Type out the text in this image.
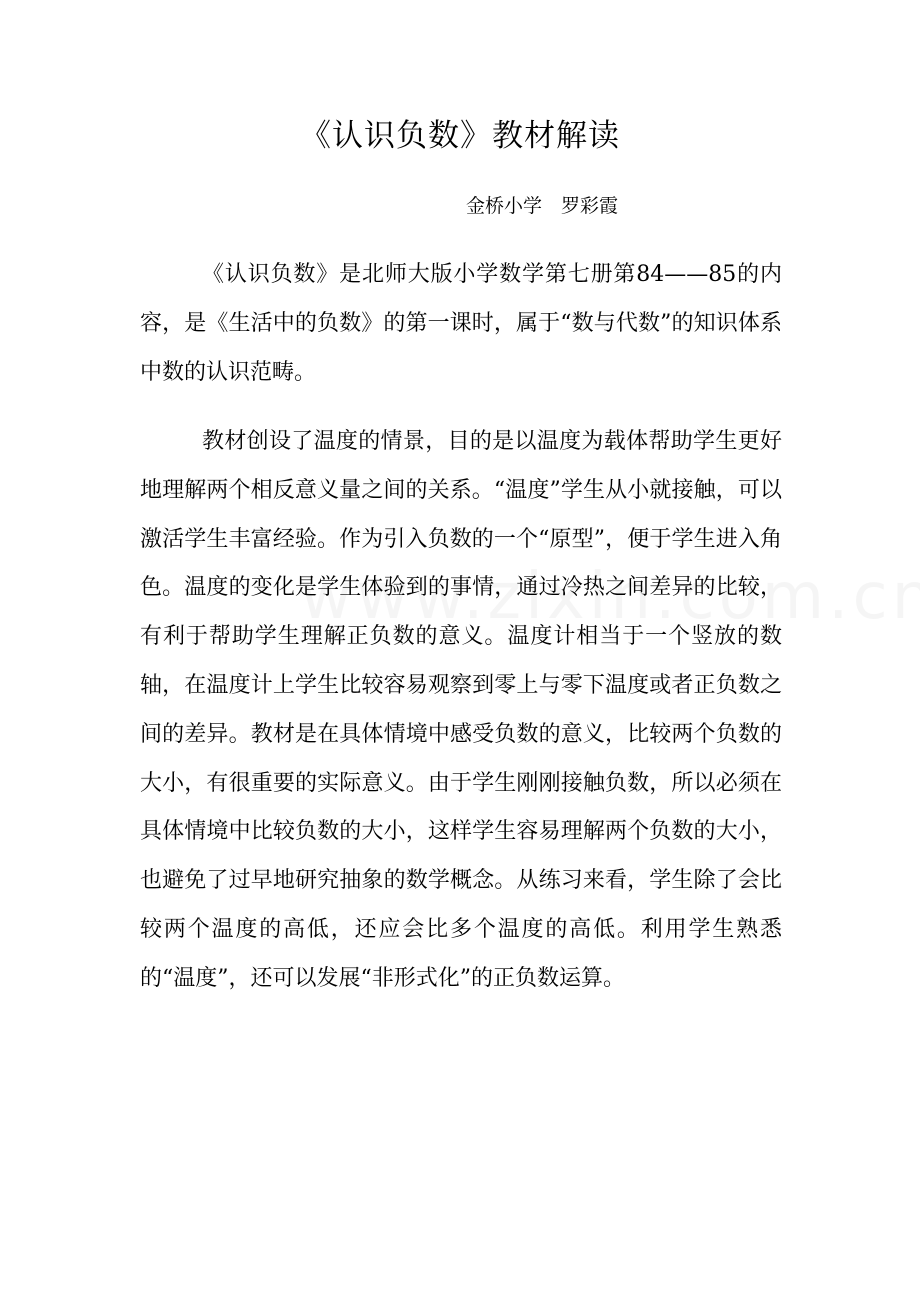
《认识负数》教材解读
金桥小学　罗彩霞

《认识负数》是北师大版小学数学第七册第84——85的内容，是《生活中的负数》的第一课时，属于“数与代数”的知识体系中数的认识范畴。

教材创设了温度的情景，目的是以温度为载体帮助学生更好地理解两个相反意义量之间的关系。“温度”学生从小就接触，可以激活学生丰富经验。作为引入负数的一个“原型”，便于学生进入角色。温度的变化是学生体验到的事情，通过冷热之间差异的比较，有利于帮助学生理解正负数的意义。温度计相当于一个竖放的数轴，在温度计上学生比较容易观察到零上与零下温度或者正负数之间的差异。教材是在具体情境中感受负数的意义，比较两个负数的大小，有很重要的实际意义。由于学生刚刚接触负数，所以必须在具体情境中比较负数的大小，这样学生容易理解两个负数的大小，也避免了过早地研究抽象的数学概念。从练习来看，学生除了会比较两个温度的高低，还应会比多个温度的高低。利用学生熟悉的“温度”，还可以发展“非形式化”的正负数运算。
